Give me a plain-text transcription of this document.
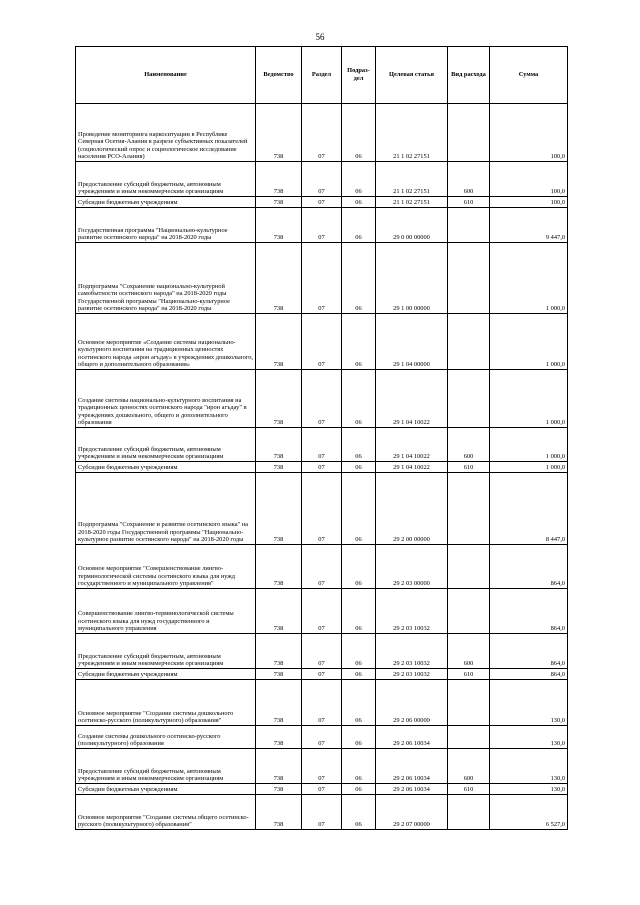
56
Наименование	Ведомство	Раздел	Подраз-дел	Целевая статья	Вид расхода	Сумма
Проведение мониторинга наркоситуации в Республике Северная Осетия-Алания в разрезе субъективных показателей (социологический опрос и социологическое исследование населения РСО-Алания)	738	07	06	21 1 02 27151		100,0
Предоставление субсидий бюджетным, автономным учреждениям и иным некоммерческим организациям	738	07	06	21 1 02 27151	600	100,0
Субсидии бюджетным учреждениям	738	07	06	21 1 02 27151	610	100,0
Государственная программа "Национально-культурное развитие осетинского народа" на 2018-2020 годы	738	07	06	29 0 00 00000		9 447,0
Подпрограмма "Сохранение национально-культурной самобытности осетинского народа" на 2018-2020 годы Государственной программы "Национально-культурное развитие осетинского народа" на 2018-2020 годы	738	07	06	29 1 00 00000		1 000,0
Основное мероприятие «Создание системы национально-культурного воспитания на традиционных ценностях осетинского народа «ирон агъдау» в учреждениях дошкольного, общего и дополнительного образования»	738	07	06	29 1 04 00000		1 000,0
Создание системы национально-культурного воспитания на традиционных ценностях осетинского народа "ирон агъдау" в учреждениях дошкольного, общего и дополнительного образования	738	07	06	29 1 04 10022		1 000,0
Предоставление субсидий бюджетным, автономным учреждениям и иным некоммерческим организациям	738	07	06	29 1 04 10022	600	1 000,0
Субсидии бюджетным учреждениям	738	07	06	29 1 04 10022	610	1 000,0
Подпрограмма "Сохранение и развитие осетинского языка" на 2018-2020 годы Государственной программы "Национально-культурное развитие осетинского народа" на 2018-2020 годы	738	07	06	29 2 00 00000		8 447,0
Основное мероприятие "Совершенствование лингво-терминологической системы осетинского языка для нужд государственного и муниципального управления"	738	07	06	29 2 03 00000		864,0
Совершенствование лингво-терминологической системы осетинского языка для нужд государственного и муниципального управления	738	07	06	29 2 03 10032		864,0
Предоставление субсидий бюджетным, автономным учреждениям и иным некоммерческим организациям	738	07	06	29 2 03 10032	600	864,0
Субсидии бюджетным учреждениям	738	07	06	29 2 03 10032	610	864,0
Основное мероприятие "Создание системы дошкольного осетинско-русского (поликультурного) образования"	738	07	06	29 2 06 00000		130,0
Создание системы дошкольного осетинско-русского (поликультурного) образования	738	07	06	29 2 06 10034		130,0
Предоставление субсидий бюджетным, автономным учреждениям и иным некоммерческим организациям	738	07	06	29 2 06 10034	600	130,0
Субсидии бюджетным учреждениям	738	07	06	29 2 06 10034	610	130,0
Основное мероприятие "Создание системы общего осетинско-русского (поликультурного) образования"	738	07	06	29 2 07 00000		6 527,0
